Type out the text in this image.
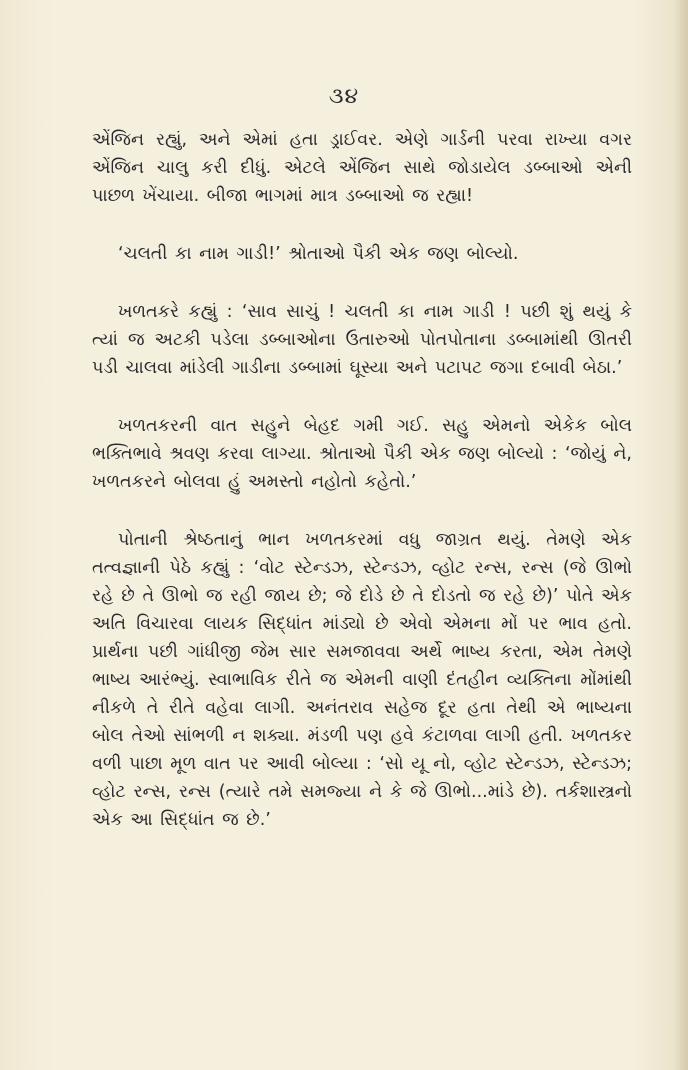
૩૪

એંજિન રહ્યું, અને એમાં હતા ડ્રાઈવર. એણે ગાર્ડની પરવા રાખ્યા વગર એંજિન ચાલુ કરી દીધું. એટલે એંજિન સાથે જોડાયેલ ડબ્બાઓ એની પાછળ ખેંચાયા. બીજા ભાગમાં માત્ર ડબ્બાઓ જ રહ્યા!

‘ચલતી કા નામ ગાડી!’ શ્રોતાઓ પૈકી એક જણ બોલ્યો.

ખળતકરે કહ્યું : ‘સાવ સાચું ! ચલતી કા નામ ગાડી ! પછી શું થયું કે ત્યાં જ અટકી પડેલા ડબ્બાઓના ઉતારુઓ પોતપોતાના ડબ્બામાંથી ઊતરી પડી ચાલવા માંડેલી ગાડીના ડબ્બામાં ઘૂસ્યા અને પટાપટ જગા દબાવી બેઠા.’

ખળતકરની વાત સહુને બેહદ ગમી ગઈ. સહુ એમનો એકેક બોલ ભક્તિભાવે શ્રવણ કરવા લાગ્યા. શ્રોતાઓ પૈકી એક જણ બોલ્યો : ‘જોયું ને, ખળતકરને બોલવા હું અમસ્તો નહોતો કહેતો.’

પોતાની શ્રેષ્ઠતાનું ભાન ખળતકરમાં વધુ જાગ્રત થયું. તેમણે એક તત્વજ્ઞાની પેઠે કહ્યું : ‘વોટ સ્ટેન્ડઝ, સ્ટેન્ડઝ, વ્હોટ રન્સ, રન્સ (જે ઊભો રહે છે તે ઊભો જ રહી જાય છે; જે દોડે છે તે દોડતો જ રહે છે)’ પોતે એક અતિ વિચારવા લાયક સિદ્ધાંત માંડ્યો છે એવો એમના મોં પર ભાવ હતો. પ્રાર્થના પછી ગાંધીજી જેમ સાર સમજાવવા અર્થે ભાષ્ય કરતા, એમ તેમણે ભાષ્ય આરંભ્યું. સ્વાભાવિક રીતે જ એમની વાણી દંતહીન વ્યક્તિના મોંમાંથી નીકળે તે રીતે વહેવા લાગી. અનંતરાવ સહેજ દૂર હતા તેથી એ ભાષ્યના બોલ તેઓ સાંભળી ન શક્યા. મંડળી પણ હવે કંટાળવા લાગી હતી. ખળતકર વળી પાછા મૂળ વાત પર આવી બોલ્યા : ‘સો યૂ નો, વ્હોટ સ્ટેન્ડઝ, સ્ટેન્ડઝ; વ્હોટ રન્સ, રન્સ (ત્યારે તમે સમજ્યા ને કે જે ઊભો...માંડે છે). તર્કશાસ્ત્રનો એક આ સિદ્ધાંત જ છે.’
